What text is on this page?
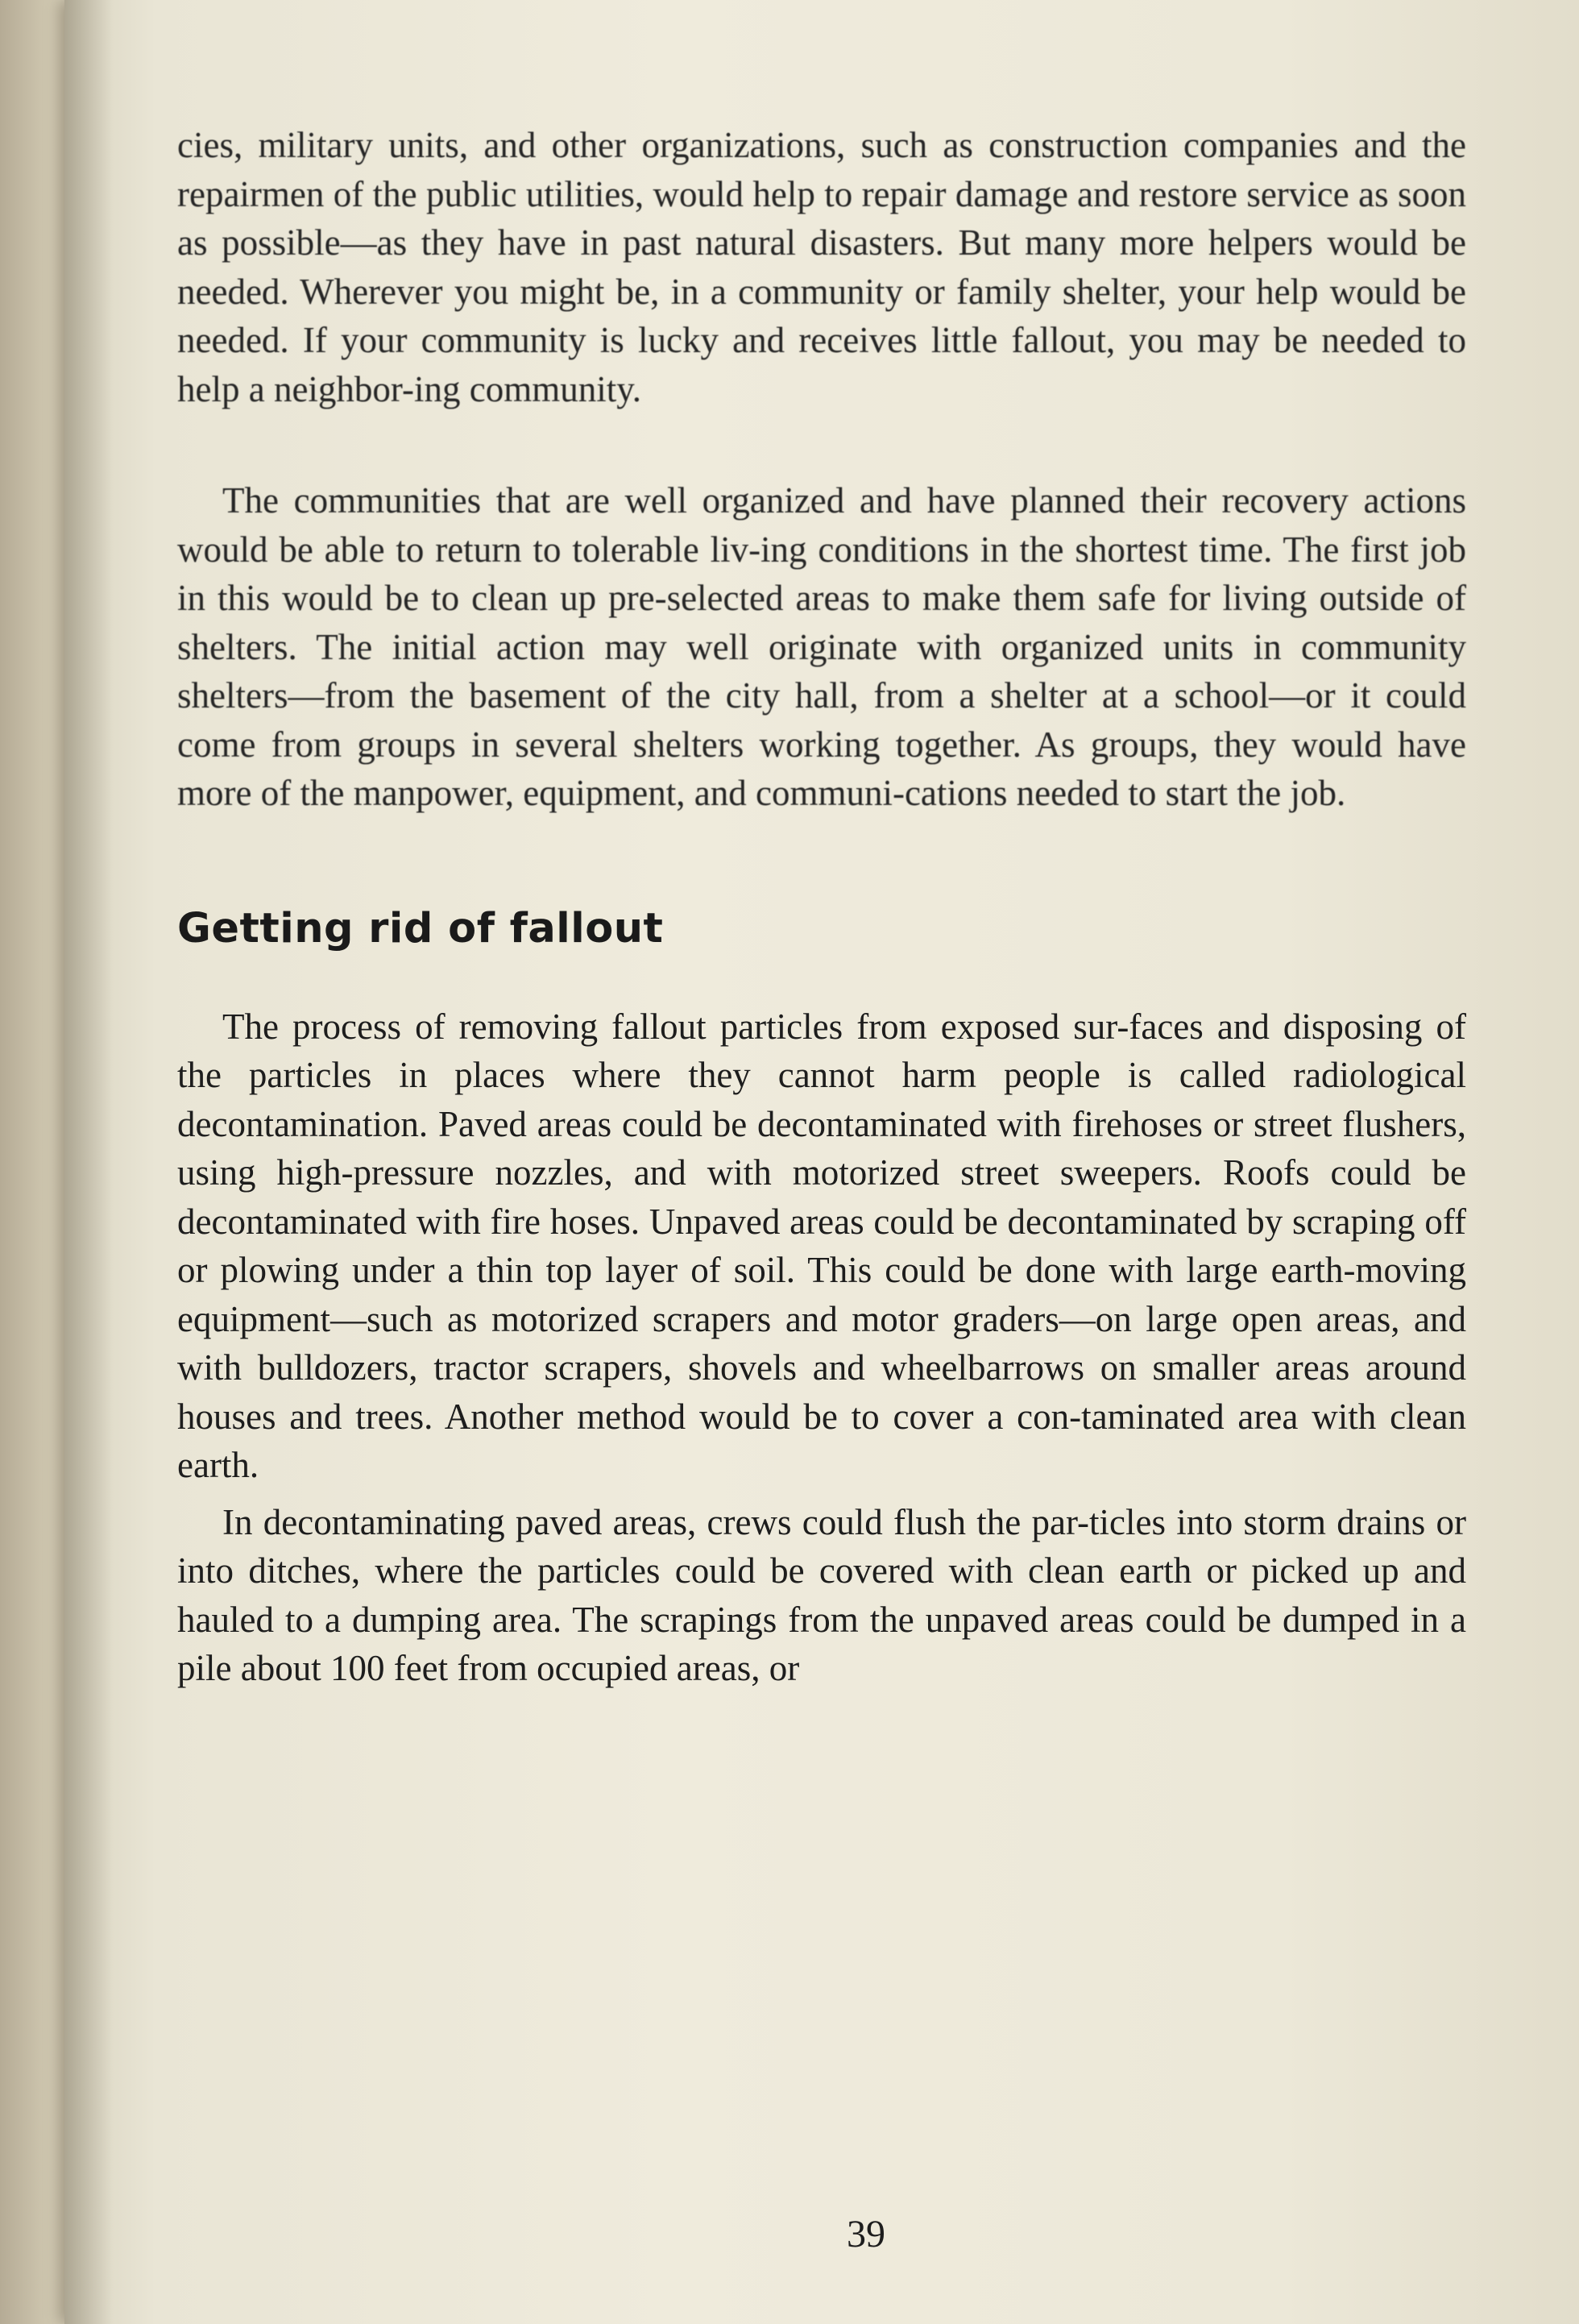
cies, military units, and other organizations, such as construction companies and the repairmen of the public utilities, would help to repair damage and restore service as soon as possible—as they have in past natural disasters. But many more helpers would be needed. Wherever you might be, in a community or family shelter, your help would be needed. If your community is lucky and receives little fallout, you may be needed to help a neighbor-ing community.

The communities that are well organized and have planned their recovery actions would be able to return to tolerable liv-ing conditions in the shortest time. The first job in this would be to clean up pre-selected areas to make them safe for living outside of shelters. The initial action may well originate with organized units in community shelters—from the basement of the city hall, from a shelter at a school—or it could come from groups in several shelters working together. As groups, they would have more of the manpower, equipment, and communi-cations needed to start the job.

Getting rid of fallout

The process of removing fallout particles from exposed sur-faces and disposing of the particles in places where they cannot harm people is called radiological decontamination. Paved areas could be decontaminated with firehoses or street flushers, using high-pressure nozzles, and with motorized street sweepers. Roofs could be decontaminated with fire hoses. Unpaved areas could be decontaminated by scraping off or plowing under a thin top layer of soil. This could be done with large earth-moving equipment—such as motorized scrapers and motor graders—on large open areas, and with bulldozers, tractor scrapers, shovels and wheelbarrows on smaller areas around houses and trees. Another method would be to cover a con-taminated area with clean earth.

In decontaminating paved areas, crews could flush the par-ticles into storm drains or into ditches, where the particles could be covered with clean earth or picked up and hauled to a dumping area. The scrapings from the unpaved areas could be dumped in a pile about 100 feet from occupied areas, or

39
